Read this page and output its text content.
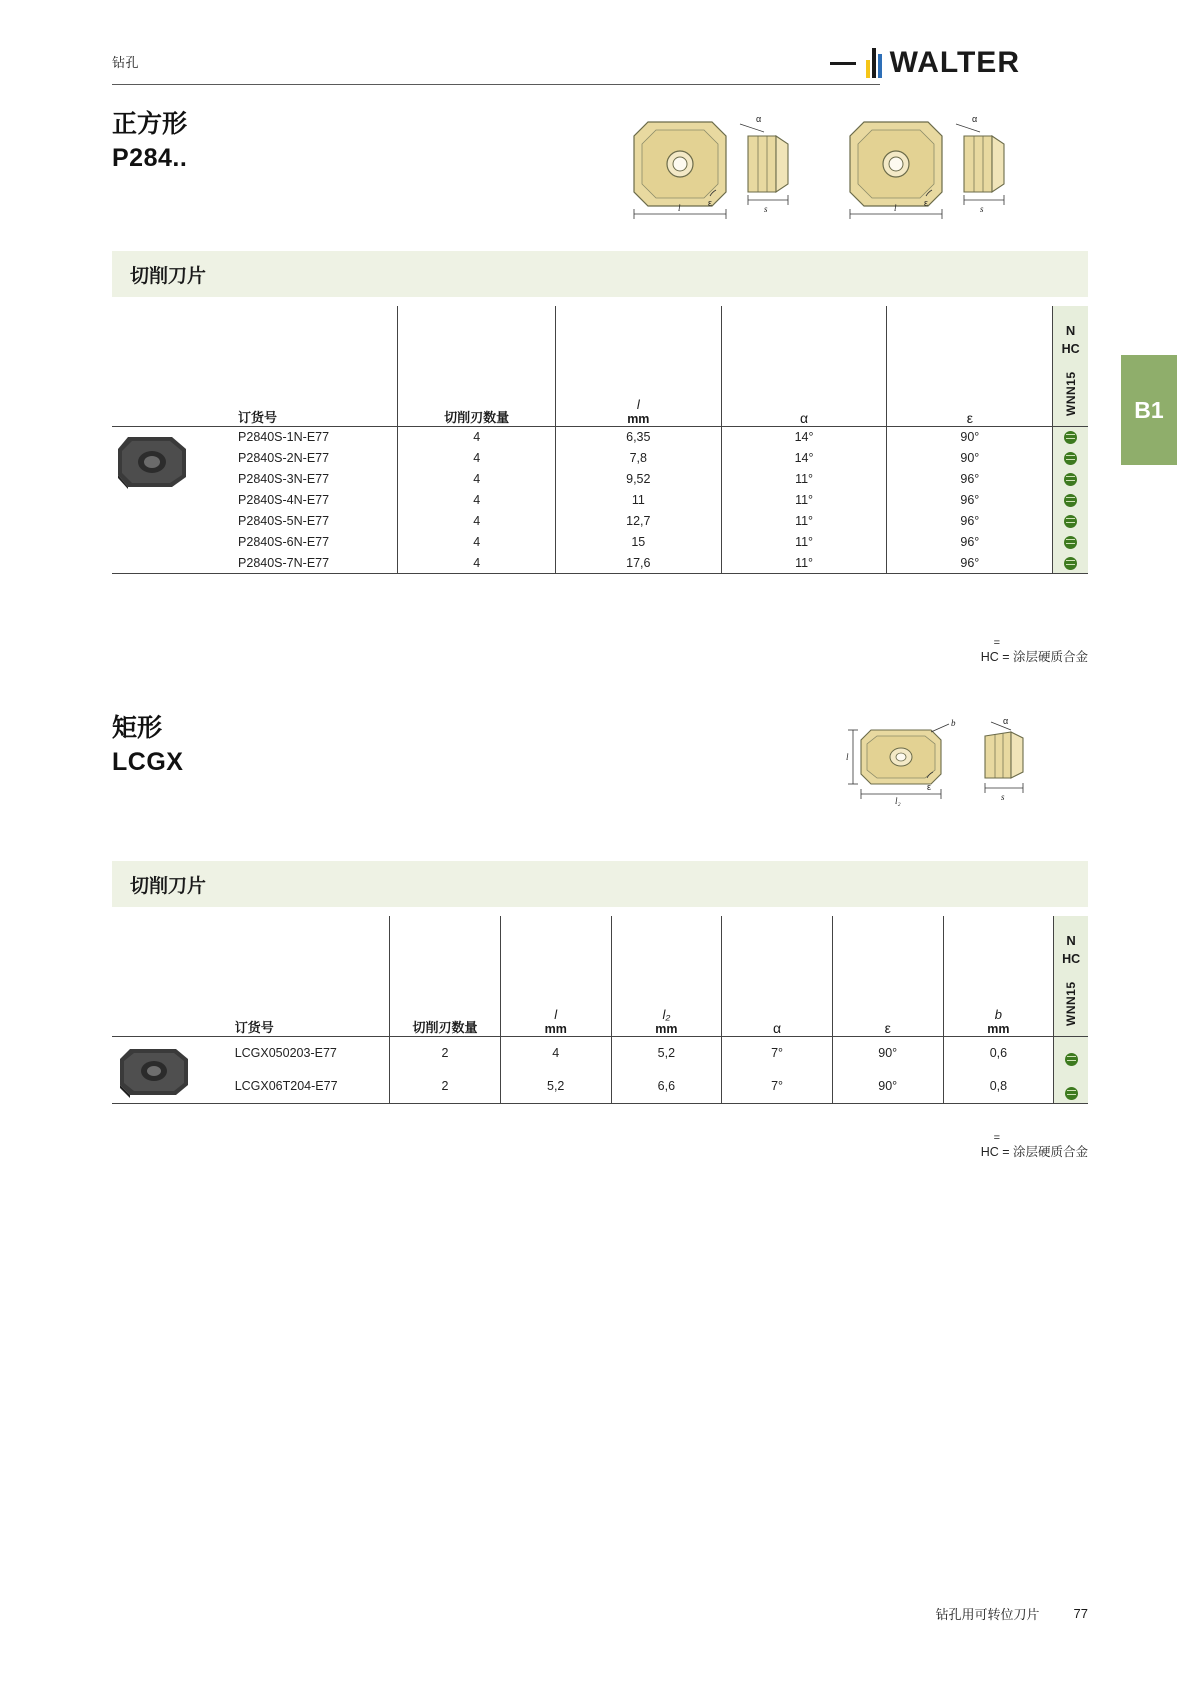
钻孔	WALTER
B1
正方形
P284..
l	ε
α
s	l	ε
α
s
切削刀片
	订货号	切削刃数量	l
mm	α	ε	N
HC
WNN15

	P2840S-1N-E77	4	6,35	14°	90°	
	P2840S-2N-E77	4	7,8	14°	90°	
	P2840S-3N-E77	4	9,52	11°	96°	
	P2840S-4N-E77	4	11	11°	96°	
	P2840S-5N-E77	4	12,7	11°	96°	
	P2840S-6N-E77	4	15	11°	96°	
	P2840S-7N-E77	4	17,6	11°	96°	
=
HC = 涂层硬质合金
矩形
LCGX	l
l₂
b
ε
α
s
切削刀片
	订货号	切削刃数量	l
mm	l₂
mm	α	ε	b
mm	N
HC
WNN15

	LCGX050203-E77	2	4	5,2	7°	90°	0,6	
	LCGX06T204-E77	2	5,2	6,6	7°	90°	0,8	
=
HC = 涂层硬质合金
钻孔用可转位刀片	77
